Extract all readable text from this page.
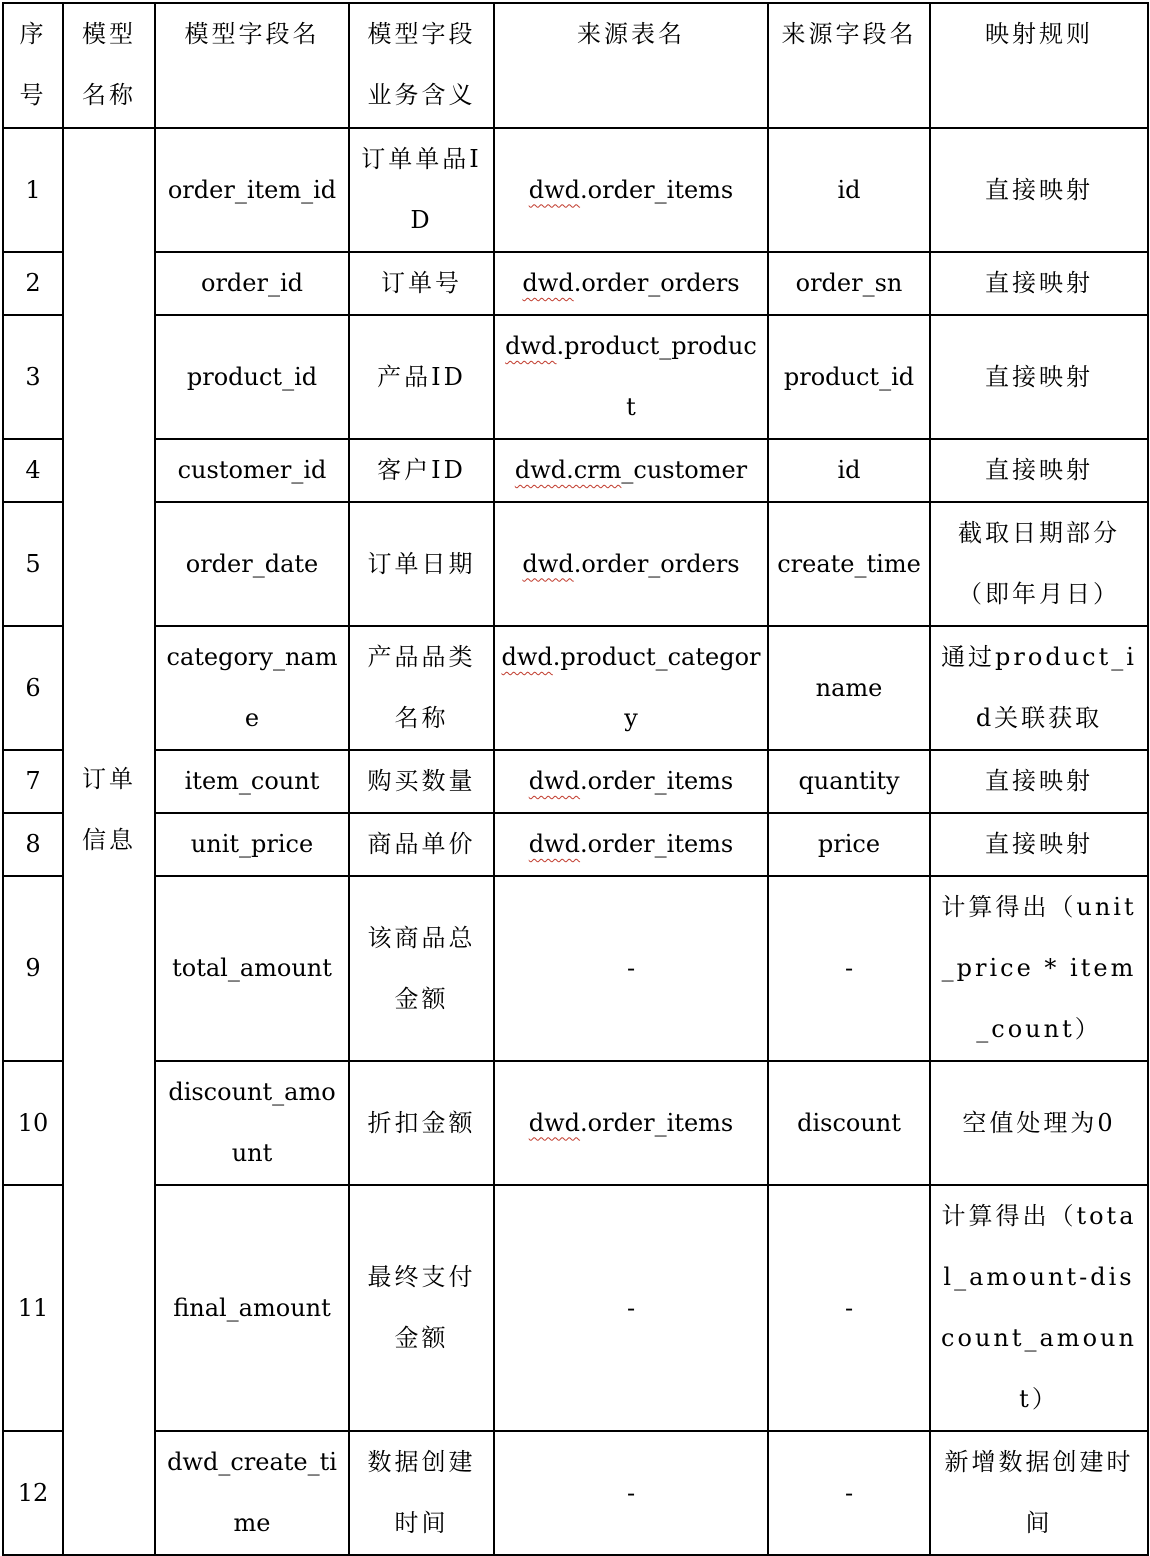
序号	模型名称	模型字段名	模型字段业务含义	来源表名	来源字段名	映射规则
1	订单信息	order_item_id	订单单品ID	dwd.order_items	id	直接映射
2		order_id	订单号	dwd.order_orders	order_sn	直接映射
3		product_id	产品ID	dwd.product_product	product_id	直接映射
4		customer_id	客户ID	dwd.crm_customer	id	直接映射
5		order_date	订单日期	dwd.order_orders	create_time	截取日期部分（即年月日）
6		category_name	产品品类名称	dwd.product_category	name	通过product_id关联获取
7		item_count	购买数量	dwd.order_items	quantity	直接映射
8		unit_price	商品单价	dwd.order_items	price	直接映射
9		total_amount	该商品总金额	-	-	计算得出（unit_price * item_count）
10		discount_amount	折扣金额	dwd.order_items	discount	空值处理为0
11		final_amount	最终支付金额	-	-	计算得出（total_amount-discount_amount）
12		dwd_create_time	数据创建时间	-	-	新增数据创建时间
